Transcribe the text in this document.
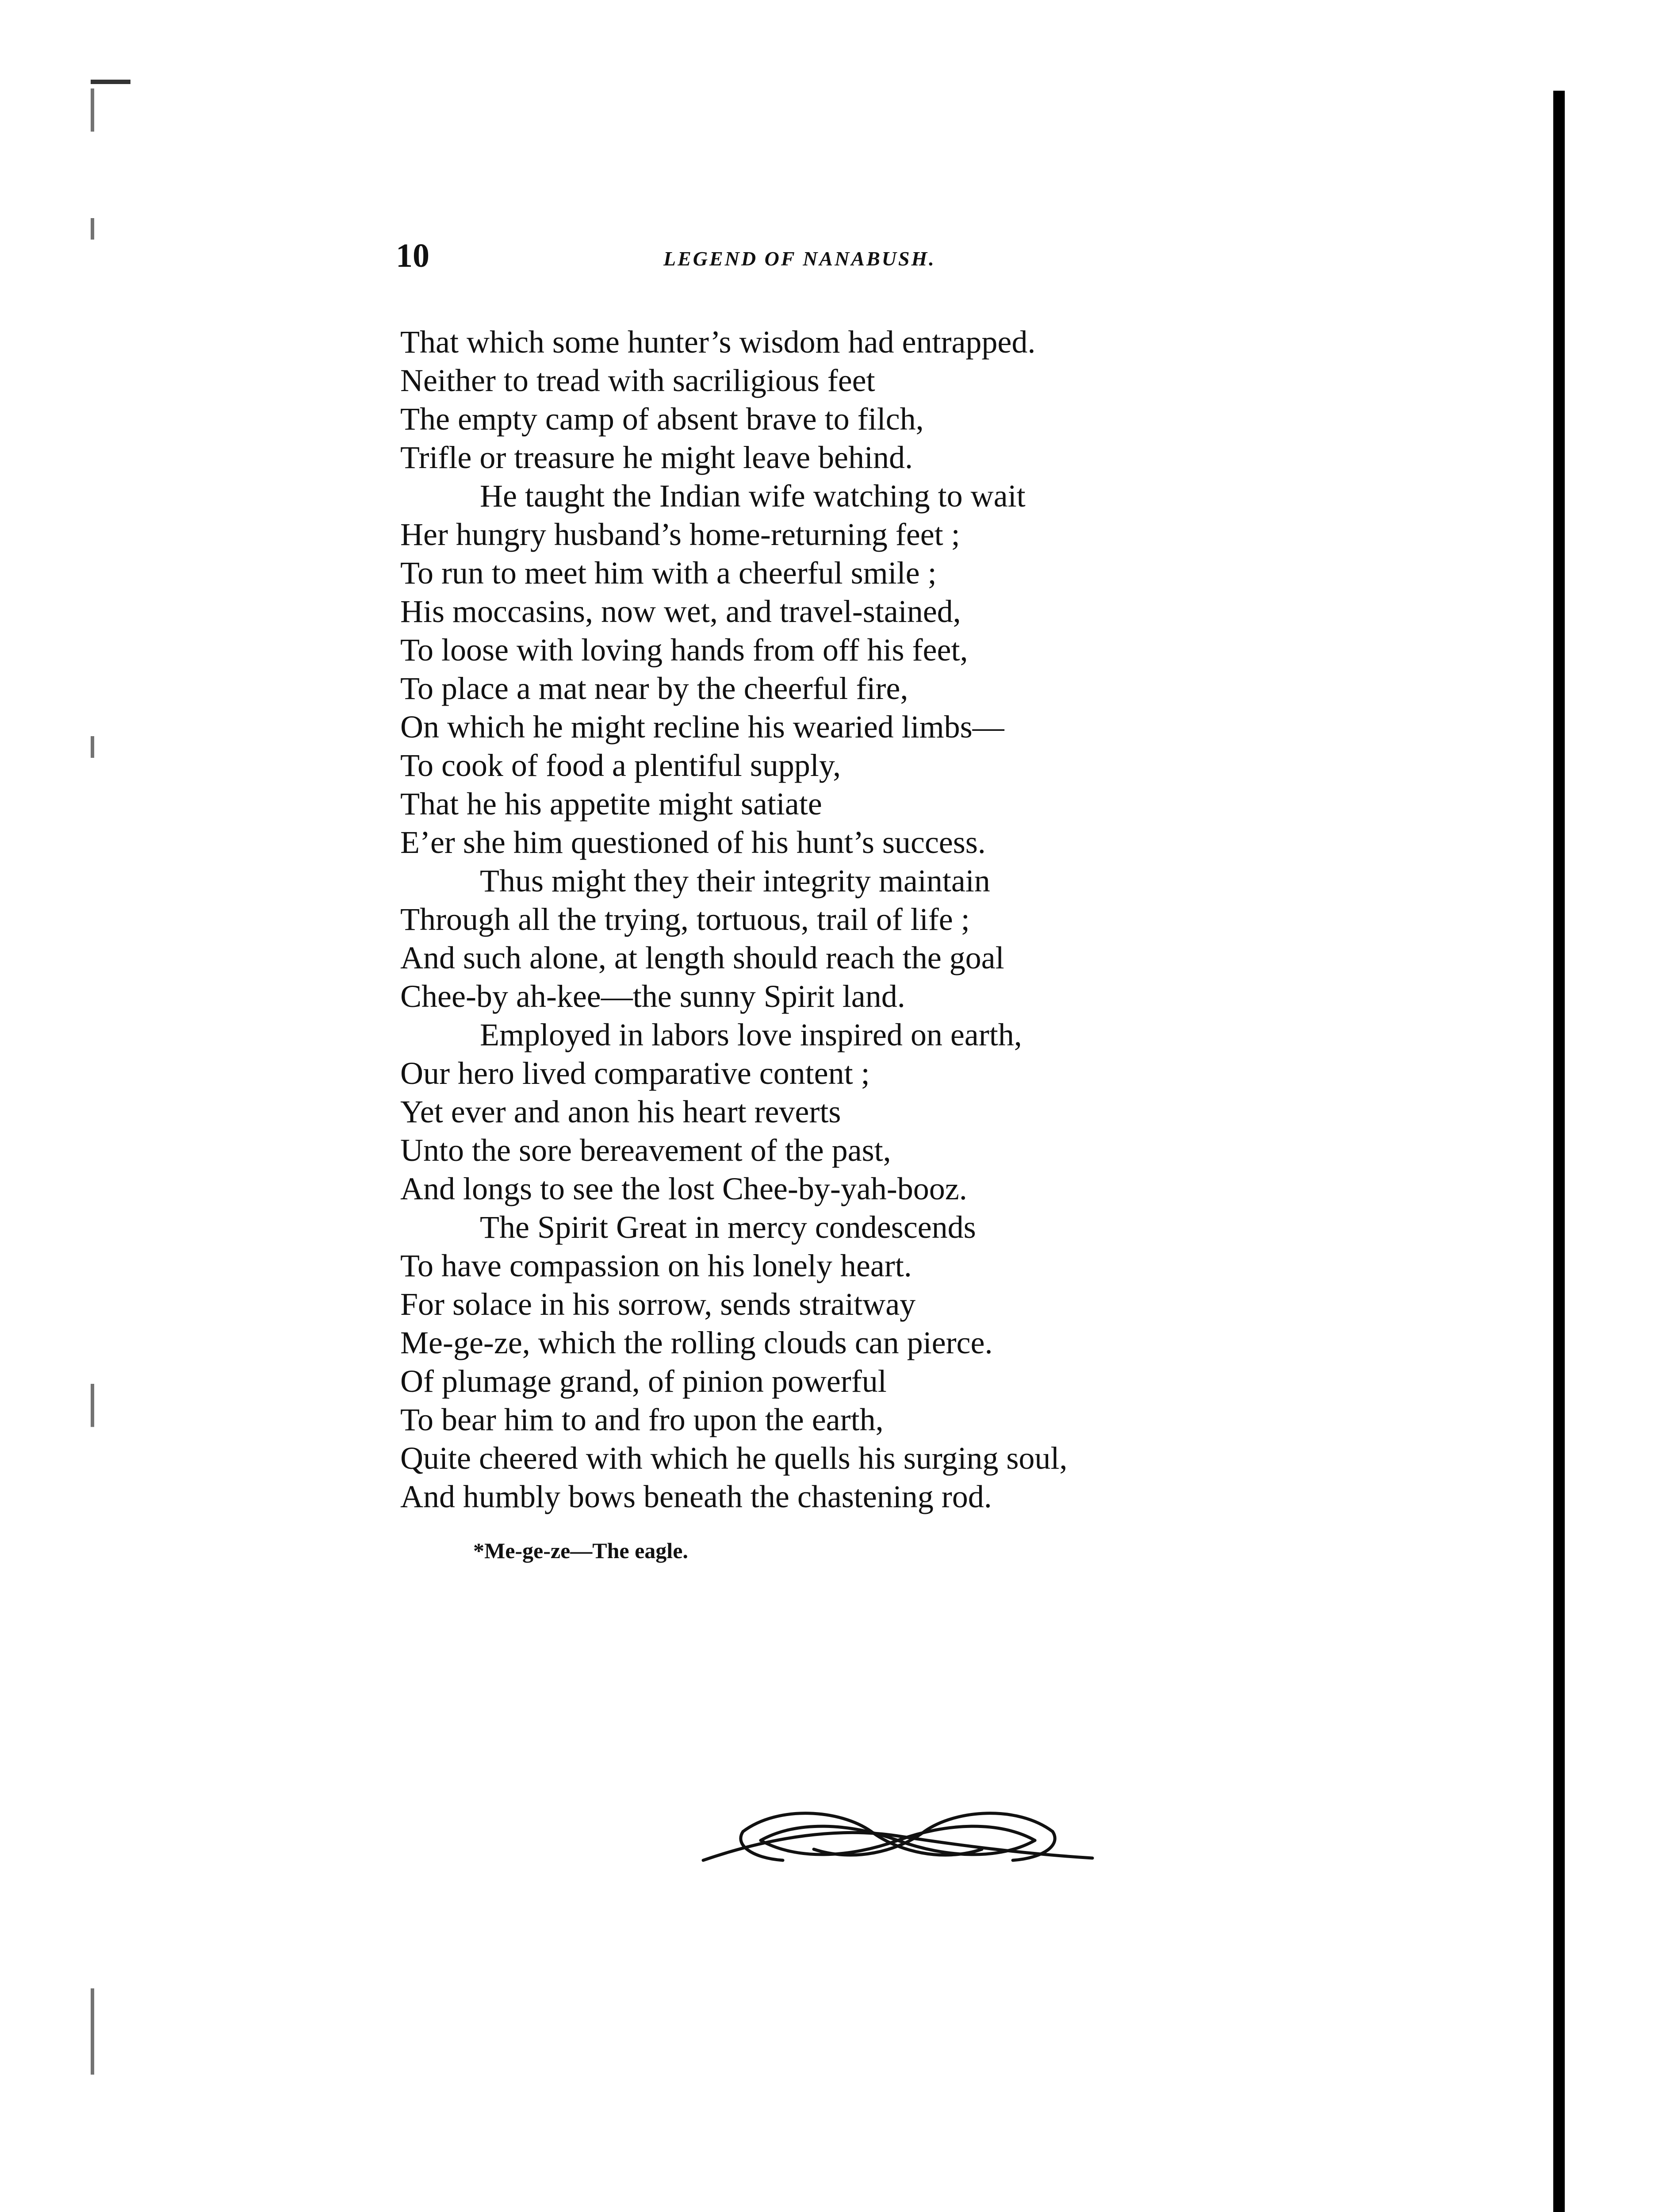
10	LEGEND OF NANABUSH.
That which some hunter’s wisdom had entrapped.
Neither to tread with sacriligious feet
The empty camp of absent brave to filch,
Trifle or treasure he might leave behind.
He taught the Indian wife watching to wait
Her hungry husband’s home-returning feet ;
To run to meet him with a cheerful smile ;
His moccasins, now wet, and travel-stained,
To loose with loving hands from off his feet,
To place a mat near by the cheerful fire,
On which he might recline his wearied limbs—
To cook of food a plentiful supply,
That he his appetite might satiate
E’er she him questioned of his hunt’s success.
Thus might they their integrity maintain
Through all the trying, tortuous, trail of life ;
And such alone, at length should reach the goal
Chee-by ah-kee—the sunny Spirit land.
Employed in labors love inspired on earth,
Our hero lived comparative content ;
Yet ever and anon his heart reverts
Unto the sore bereavement of the past,
And longs to see the lost Chee-by-yah-booz.
The Spirit Great in mercy condescends
To have compassion on his lonely heart.
For solace in his sorrow, sends straitway
Me-ge-ze, which the rolling clouds can pierce.
Of plumage grand, of pinion powerful
To bear him to and fro upon the earth,
Quite cheered with which he quells his surging soul,
And humbly bows beneath the chastening rod.
*Me-ge-ze—The eagle.
